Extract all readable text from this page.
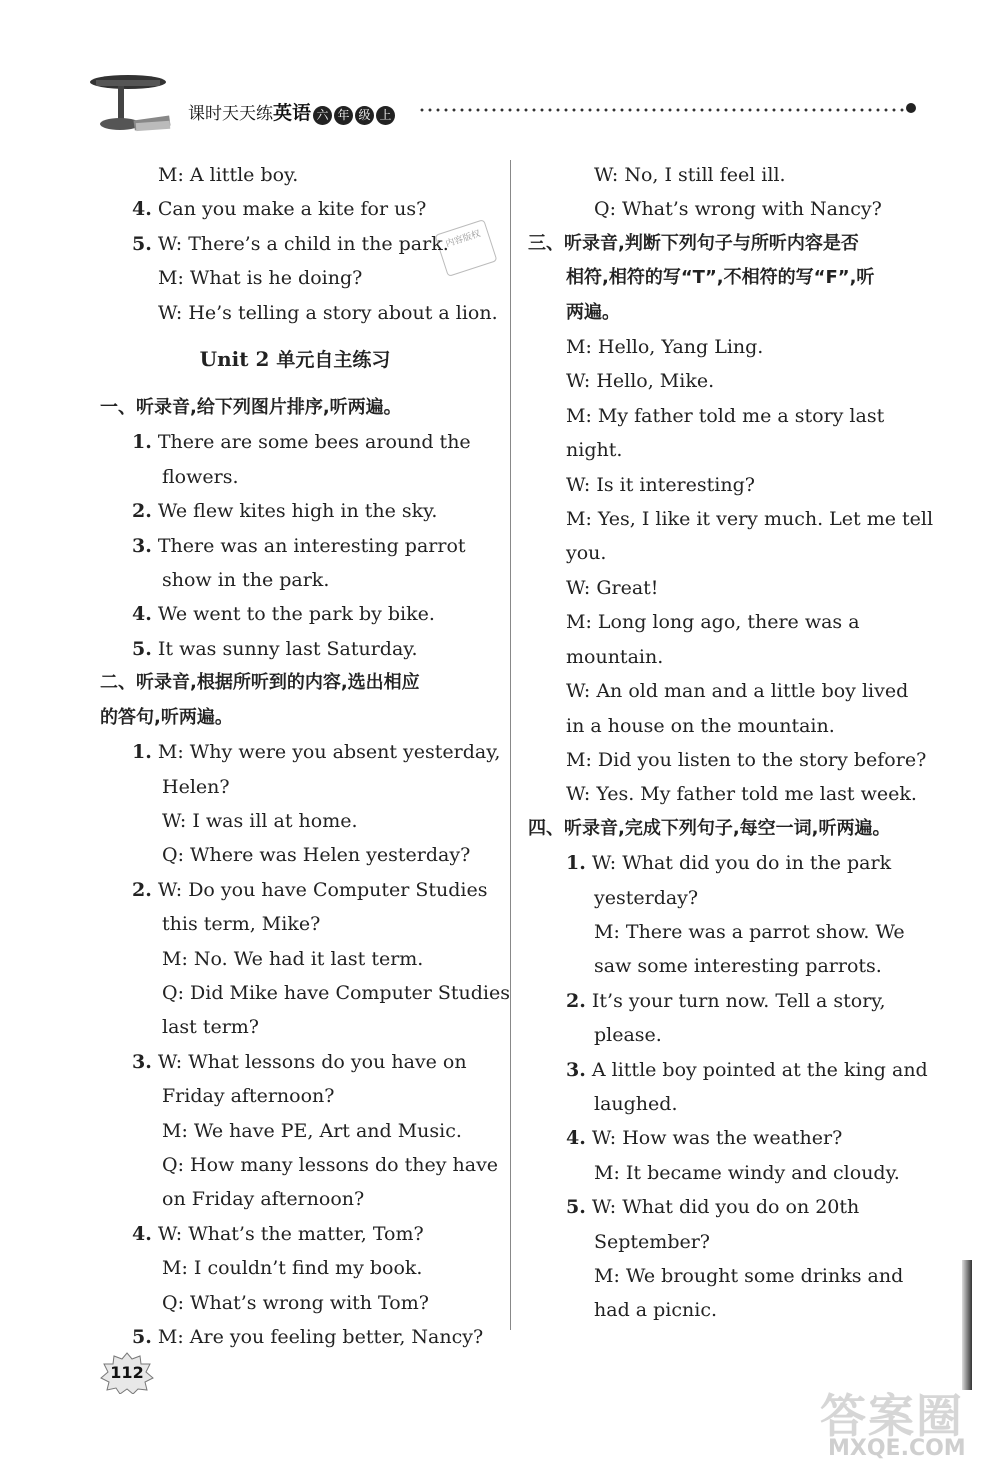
课时天天练英语 六 年 级 上
内容版权
M: A little boy.
4. Can you make a kite for us?
5. W: There’s a child in the park.
M: What is he doing?
W: He’s telling a story about a lion.
Unit 2 单元自主练习
一、听录音,给下列图片排序,听两遍。
1. There are some bees around the
flowers.
2. We flew kites high in the sky.
3. There was an interesting parrot
show in the park.
4. We went to the park by bike.
5. It was sunny last Saturday.
二、听录音,根据所听到的内容,选出相应
的答句,听两遍。
1. M: Why were you absent yesterday,
Helen?
W: I was ill at home.
Q: Where was Helen yesterday?
2. W: Do you have Computer Studies
this term, Mike?
M: No. We had it last term.
Q: Did Mike have Computer Studies
last term?
3. W: What lessons do you have on
Friday afternoon?
M: We have PE, Art and Music.
Q: How many lessons do they have
on Friday afternoon?
4. W: What’s the matter, Tom?
M: I couldn’t find my book.
Q: What’s wrong with Tom?
5. M: Are you feeling better, Nancy?
W: No, I still feel ill.
Q: What’s wrong with Nancy?
三、听录音,判断下列句子与所听内容是否
相符,相符的写“T”,不相符的写“F”,听
两遍。
M: Hello, Yang Ling.
W: Hello, Mike.
M: My father told me a story last
night.
W: Is it interesting?
M: Yes, I like it very much. Let me tell
you.
W: Great!
M: Long long ago, there was a
mountain.
W: An old man and a little boy lived
in a house on the mountain.
M: Did you listen to the story before?
W: Yes. My father told me last week.
四、听录音,完成下列句子,每空一词,听两遍。
1. W: What did you do in the park
yesterday?
M: There was a parrot show. We
saw some interesting parrots.
2. It’s your turn now. Tell a story,
please.
3. A little boy pointed at the king and
laughed.
4. W: How was the weather?
M: It became windy and cloudy.
5. W: What did you do on 20th
September?
M: We brought some drinks and
had a picnic.
112
答案圈
MXQE.COM
